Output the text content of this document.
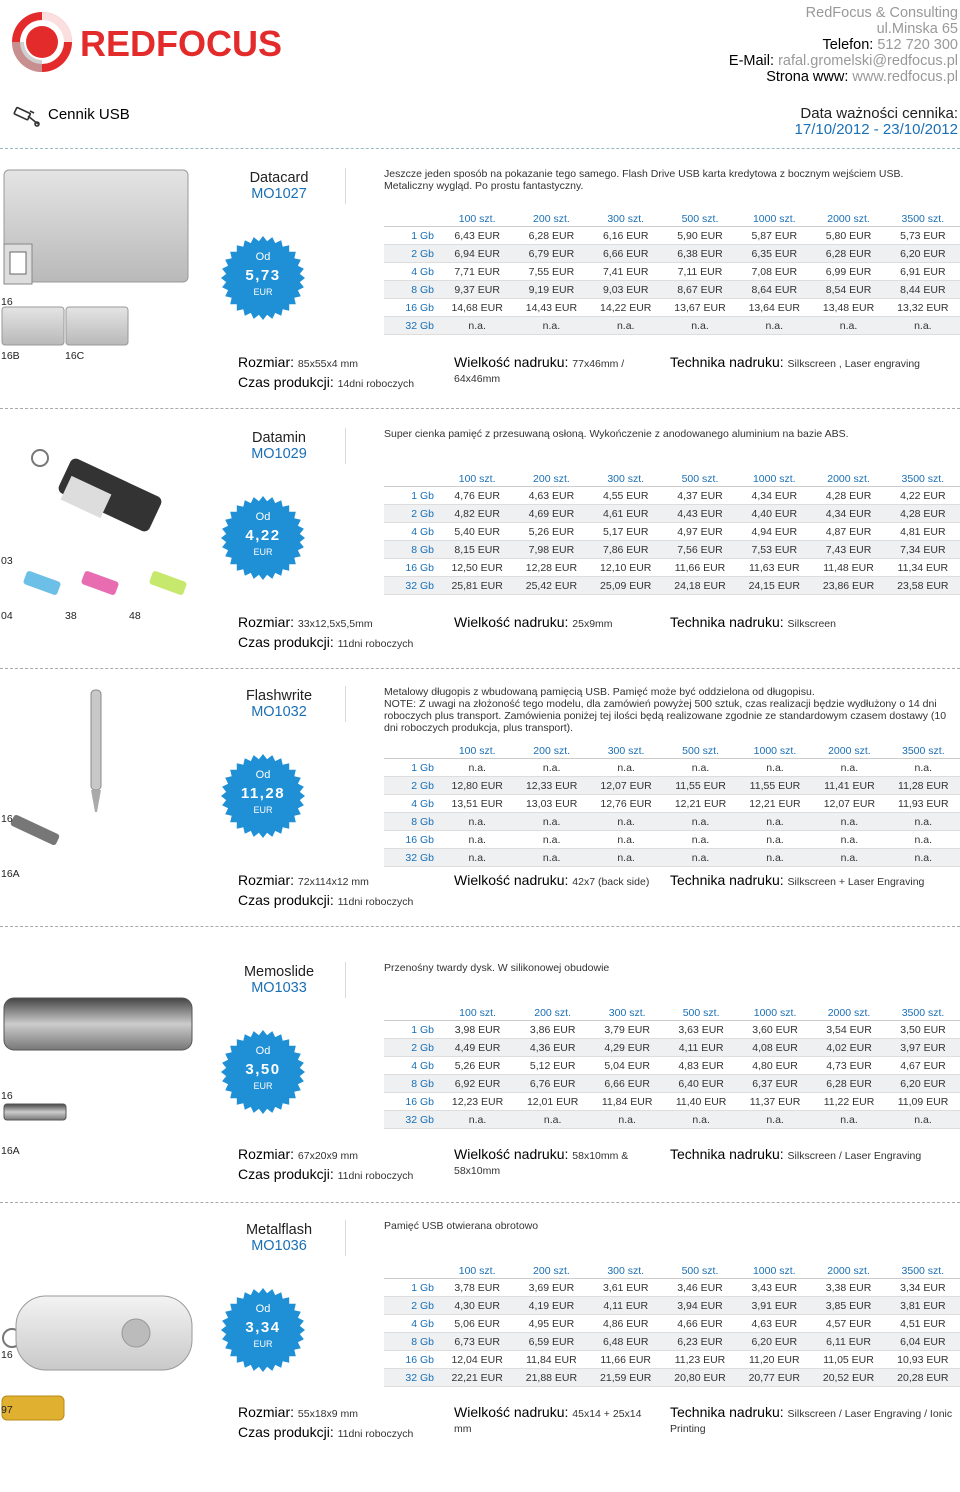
REDFOCUS
RedFocus & Consulting
ul.Minska 65
Telefon: 512 720 300
E-Mail: rafal.gromelski@redfocus.pl
Strona www: www.redfocus.pl
Cennik USB	Data ważności cennika:
17/10/2012 - 23/10/2012
Datacard
MO1027
Jeszcze jeden sposób na pokazanie tego samego. Flash Drive USB karta kredytowa z bocznym wejściem USB. Metaliczny wygląd. Po prostu fantastyczny.
Od
5,73
EUR
	100 szt.	200 szt.	300 szt.	500 szt.	1000 szt.	2000 szt.	3500 szt.
1 Gb	6,43 EUR	6,28 EUR	6,16 EUR	5,90 EUR	5,87 EUR	5,80 EUR	5,73 EUR
2 Gb	6,94 EUR	6,79 EUR	6,66 EUR	6,38 EUR	6,35 EUR	6,28 EUR	6,20 EUR
4 Gb	7,71 EUR	7,55 EUR	7,41 EUR	7,11 EUR	7,08 EUR	6,99 EUR	6,91 EUR
8 Gb	9,37 EUR	9,19 EUR	9,03 EUR	8,67 EUR	8,64 EUR	8,54 EUR	8,44 EUR
16 Gb	14,68 EUR	14,43 EUR	14,22 EUR	13,67 EUR	13,64 EUR	13,48 EUR	13,32 EUR
32 Gb	n.a.	n.a.	n.a.	n.a.	n.a.	n.a.	n.a.
16
16B	16C	Rozmiar: 85x55x4 mm
Czas produkcji: 14dni roboczych
Wielkość nadruku: 77x46mm / 64x46mm
Technika nadruku: Silkscreen , Laser engraving
Datamin
MO1029
Super cienka pamięć z przesuwaną osłoną. Wykończenie z anodowanego aluminium na bazie ABS.
Od
4,22
EUR
	100 szt.	200 szt.	300 szt.	500 szt.	1000 szt.	2000 szt.	3500 szt.
1 Gb	4,76 EUR	4,63 EUR	4,55 EUR	4,37 EUR	4,34 EUR	4,28 EUR	4,22 EUR
2 Gb	4,82 EUR	4,69 EUR	4,61 EUR	4,43 EUR	4,40 EUR	4,34 EUR	4,28 EUR
4 Gb	5,40 EUR	5,26 EUR	5,17 EUR	4,97 EUR	4,94 EUR	4,87 EUR	4,81 EUR
8 Gb	8,15 EUR	7,98 EUR	7,86 EUR	7,56 EUR	7,53 EUR	7,43 EUR	7,34 EUR
16 Gb	12,50 EUR	12,28 EUR	12,10 EUR	11,66 EUR	11,63 EUR	11,48 EUR	11,34 EUR
32 Gb	25,81 EUR	25,42 EUR	25,09 EUR	24,18 EUR	24,15 EUR	23,86 EUR	23,58 EUR
03
04	38	48	Rozmiar: 33x12,5x5,5mm
Czas produkcji: 11dni roboczych
Wielkość nadruku: 25x9mm	Technika nadruku: Silkscreen
Flashwrite
MO1032
Metalowy długopis z wbudowaną pamięcią USB. Pamięć może być oddzielona od długopisu.
NOTE: Z uwagi na złożoność tego modelu, dla zamówień powyżej 500 sztuk, czas realizacji będzie wydłużony o 14 dni roboczych plus transport. Zamówienia poniżej tej ilości będą realizowane zgodnie ze standardowym czasem dostawy (10 dni roboczych produkcja, plus transport).
Od
11,28
EUR
	100 szt.	200 szt.	300 szt.	500 szt.	1000 szt.	2000 szt.	3500 szt.
1 Gb	n.a.	n.a.	n.a.	n.a.	n.a.	n.a.	n.a.
2 Gb	12,80 EUR	12,33 EUR	12,07 EUR	11,55 EUR	11,55 EUR	11,41 EUR	11,28 EUR
4 Gb	13,51 EUR	13,03 EUR	12,76 EUR	12,21 EUR	12,21 EUR	12,07 EUR	11,93 EUR
8 Gb	n.a.	n.a.	n.a.	n.a.	n.a.	n.a.	n.a.
16 Gb	n.a.	n.a.	n.a.	n.a.	n.a.	n.a.	n.a.
32 Gb	n.a.	n.a.	n.a.	n.a.	n.a.	n.a.	n.a.
16
16A	Rozmiar: 72x114x12 mm
Czas produkcji: 11dni roboczych
Wielkość nadruku: 42x7 (back side) Technika nadruku: Silkscreen + Laser Engraving
Memoslide
MO1033
Przenośny twardy dysk. W silikonowej obudowie
Od
3,50
EUR
	100 szt.	200 szt.	300 szt.	500 szt.	1000 szt.	2000 szt.	3500 szt.
1 Gb	3,98 EUR	3,86 EUR	3,79 EUR	3,63 EUR	3,60 EUR	3,54 EUR	3,50 EUR
2 Gb	4,49 EUR	4,36 EUR	4,29 EUR	4,11 EUR	4,08 EUR	4,02 EUR	3,97 EUR
4 Gb	5,26 EUR	5,12 EUR	5,04 EUR	4,83 EUR	4,80 EUR	4,73 EUR	4,67 EUR
8 Gb	6,92 EUR	6,76 EUR	6,66 EUR	6,40 EUR	6,37 EUR	6,28 EUR	6,20 EUR
16 Gb	12,23 EUR	12,01 EUR	11,84 EUR	11,40 EUR	11,37 EUR	11,22 EUR	11,09 EUR
32 Gb	n.a.	n.a.	n.a.	n.a.	n.a.	n.a.	n.a.
16
16A	Rozmiar: 67x20x9 mm
Czas produkcji: 11dni roboczych
Wielkość nadruku: 58x10mm & 58x10mm
Technika nadruku: Silkscreen / Laser Engraving
Metalflash
MO1036
Pamięć USB otwierana obrotowo
Od
3,34
EUR
	100 szt.	200 szt.	300 szt.	500 szt.	1000 szt.	2000 szt.	3500 szt.
1 Gb	3,78 EUR	3,69 EUR	3,61 EUR	3,46 EUR	3,43 EUR	3,38 EUR	3,34 EUR
2 Gb	4,30 EUR	4,19 EUR	4,11 EUR	3,94 EUR	3,91 EUR	3,85 EUR	3,81 EUR
4 Gb	5,06 EUR	4,95 EUR	4,86 EUR	4,66 EUR	4,63 EUR	4,57 EUR	4,51 EUR
8 Gb	6,73 EUR	6,59 EUR	6,48 EUR	6,23 EUR	6,20 EUR	6,11 EUR	6,04 EUR
16 Gb	12,04 EUR	11,84 EUR	11,66 EUR	11,23 EUR	11,20 EUR	11,05 EUR	10,93 EUR
32 Gb	22,21 EUR	21,88 EUR	21,59 EUR	20,80 EUR	20,77 EUR	20,52 EUR	20,28 EUR
16
97	Rozmiar: 55x18x9 mm
Czas produkcji: 11dni roboczych
Wielkość nadruku: 45x14 + 25x14 mm
Technika nadruku: Silkscreen / Laser Engraving / Ionic Printing
